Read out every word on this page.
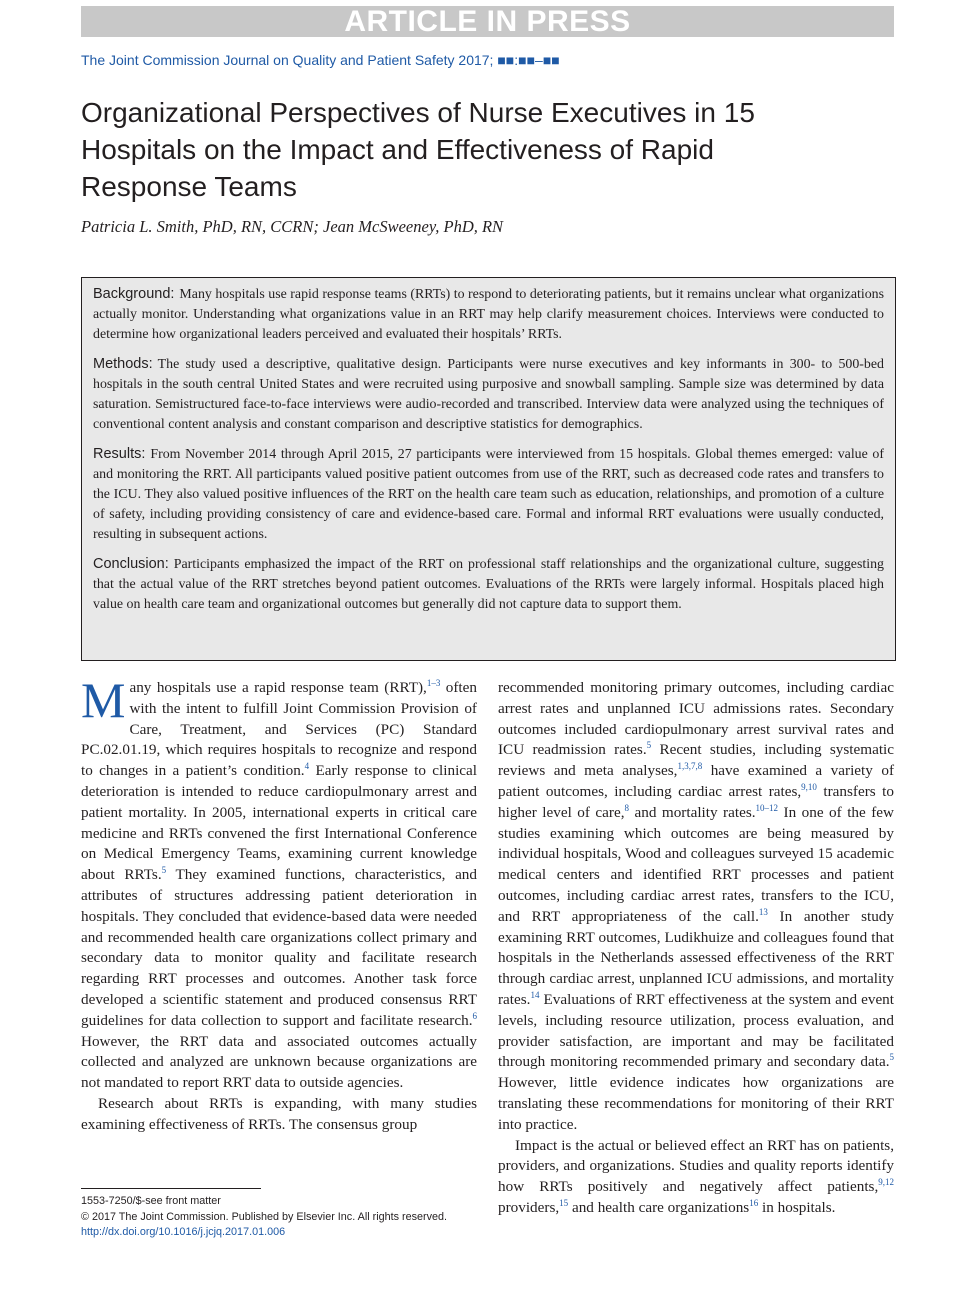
ARTICLE IN PRESS
The Joint Commission Journal on Quality and Patient Safety 2017; ■■:■■–■■
Organizational Perspectives of Nurse Executives in 15 Hospitals on the Impact and Effectiveness of Rapid Response Teams
Patricia L. Smith, PhD, RN, CCRN; Jean McSweeney, PhD, RN

Background: Many hospitals use rapid response teams (RRTs) to respond to deteriorating patients, but it remains unclear what organizations actually monitor. Understanding what organizations value in an RRT may help clarify measurement choices. Interviews were conducted to determine how organizational leaders perceived and evaluated their hospitals’ RRTs.

Methods: The study used a descriptive, qualitative design. Participants were nurse executives and key informants in 300- to 500-bed hospitals in the south central United States and were recruited using purposive and snowball sampling. Sample size was determined by data saturation. Semistructured face-to-face interviews were audio-recorded and transcribed. Interview data were analyzed using the techniques of conventional content analysis and constant comparison and descriptive statistics for demographics.

Results: From November 2014 through April 2015, 27 participants were interviewed from 15 hospitals. Global themes emerged: value of and monitoring the RRT. All participants valued positive patient outcomes from use of the RRT, such as decreased code rates and transfers to the ICU. They also valued positive influences of the RRT on the health care team such as education, relationships, and promotion of a culture of safety, including providing consistency of care and evidence-based care. Formal and informal RRT evaluations were usually conducted, resulting in subsequent actions.

Conclusion: Participants emphasized the impact of the RRT on professional staff relationships and the organizational culture, suggesting that the actual value of the RRT stretches beyond patient outcomes. Evaluations of the RRTs were largely informal. Hospitals placed high value on health care team and organizational outcomes but generally did not capture data to support them.

Many hospitals use a rapid response team (RRT),$^{1-3}$ often with the intent to fulfill Joint Commission Provision of Care, Treatment, and Services (PC) Standard PC.02.01.19, which requires hospitals to recognize and respond to changes in a patient’s condition.$^4$ Early response to clinical deterioration is intended to reduce cardiopulmonary arrest and patient mortality. In 2005, international experts in critical care medicine and RRTs convened the first International Conference on Medical Emergency Teams, examining current knowledge about RRTs.$^5$ They examined functions, characteristics, and attributes of structures addressing patient deterioration in hospitals. They concluded that evidence-based data were needed and recommended health care organizations collect primary and secondary data to monitor quality and facilitate research regarding RRT processes and outcomes. Another task force developed a scientific statement and produced consensus RRT guidelines for data collection to support and facilitate research.$^6$ However, the RRT data and associated outcomes actually collected and analyzed are unknown because organizations are not mandated to report RRT data to outside agencies.

Research about RRTs is expanding, with many studies examining effectiveness of RRTs. The consensus group

recommended monitoring primary outcomes, including cardiac arrest rates and unplanned ICU admissions rates. Secondary outcomes included cardiopulmonary arrest survival rates and ICU readmission rates.$^5$ Recent studies, including systematic reviews and meta analyses,$^{1,3,7,8}$ have examined a variety of patient outcomes, including cardiac arrest rates,$^{9,10}$ transfers to higher level of care,$^8$ and mortality rates.$^{10-12}$ In one of the few studies examining which outcomes are being measured by individual hospitals, Wood and colleagues surveyed 15 academic medical centers and identified RRT processes and patient outcomes, including cardiac arrest rates, transfers to the ICU, and RRT appropriateness of the call.$^{13}$ In another study examining RRT outcomes, Ludikhuize and colleagues found that hospitals in the Netherlands assessed effectiveness of the RRT through cardiac arrest, unplanned ICU admissions, and mortality rates.$^{14}$ Evaluations of RRT effectiveness at the system and event levels, including resource utilization, process evaluation, and provider satisfaction, are important and may be facilitated through monitoring recommended primary and secondary data.$^5$ However, little evidence indicates how organizations are translating these recommendations for monitoring of their RRT into practice.

Impact is the actual or believed effect an RRT has on patients, providers, and organizations. Studies and quality reports identify how RRTs positively and negatively affect patients,$^{9,12}$ providers,$^{15}$ and health care organizations$^{16}$ in hospitals.

1553-7250/$-see front matter
© 2017 The Joint Commission. Published by Elsevier Inc. All rights reserved.
http://dx.doi.org/10.1016/j.jcjq.2017.01.006
